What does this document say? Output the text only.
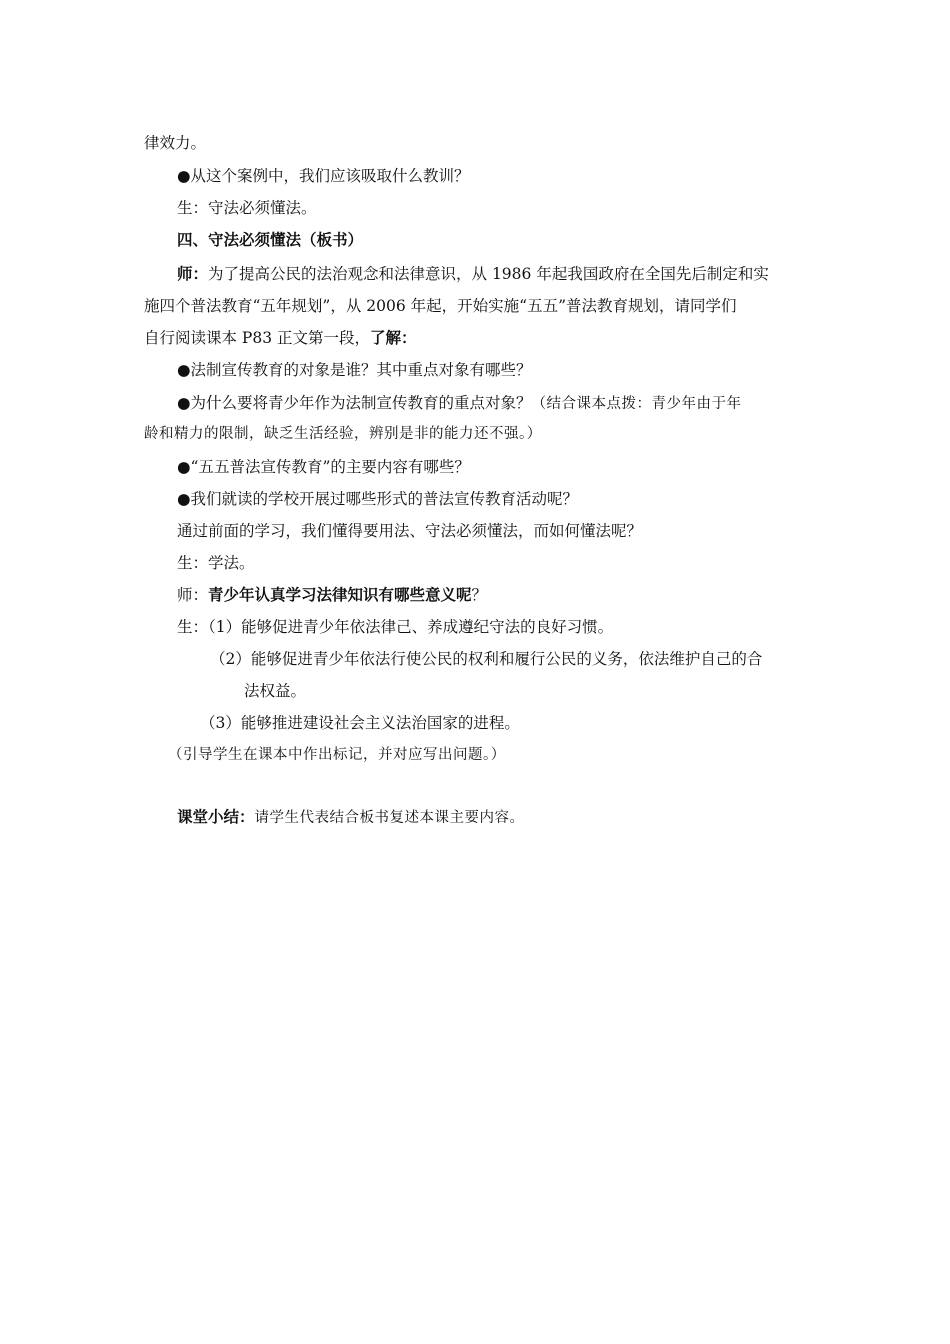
律效力。
●从这个案例中，我们应该吸取什么教训？
生：守法必须懂法。
四、守法必须懂法（板书）
师：为了提高公民的法治观念和法律意识，从 1986 年起我国政府在全国先后制定和实
施四个普法教育“五年规划”，从 2006 年起，开始实施“五五”普法教育规划，请同学们
自行阅读课本 P83 正文第一段，了解：
●法制宣传教育的对象是谁？其中重点对象有哪些？
●为什么要将青少年作为法制宣传教育的重点对象？（结合课本点拨：青少年由于年
龄和精力的限制，缺乏生活经验，辨别是非的能力还不强。）
●“五五普法宣传教育”的主要内容有哪些？
●我们就读的学校开展过哪些形式的普法宣传教育活动呢？
通过前面的学习，我们懂得要用法、守法必须懂法，而如何懂法呢？
生：学法。
师：青少年认真学习法律知识有哪些意义呢？
生：（1）能够促进青少年依法律己、养成遵纪守法的良好习惯。
（2）能够促进青少年依法行使公民的权利和履行公民的义务，依法维护自己的合
法权益。
（3）能够推进建设社会主义法治国家的进程。
（引导学生在课本中作出标记，并对应写出问题。）
课堂小结：请学生代表结合板书复述本课主要内容。
